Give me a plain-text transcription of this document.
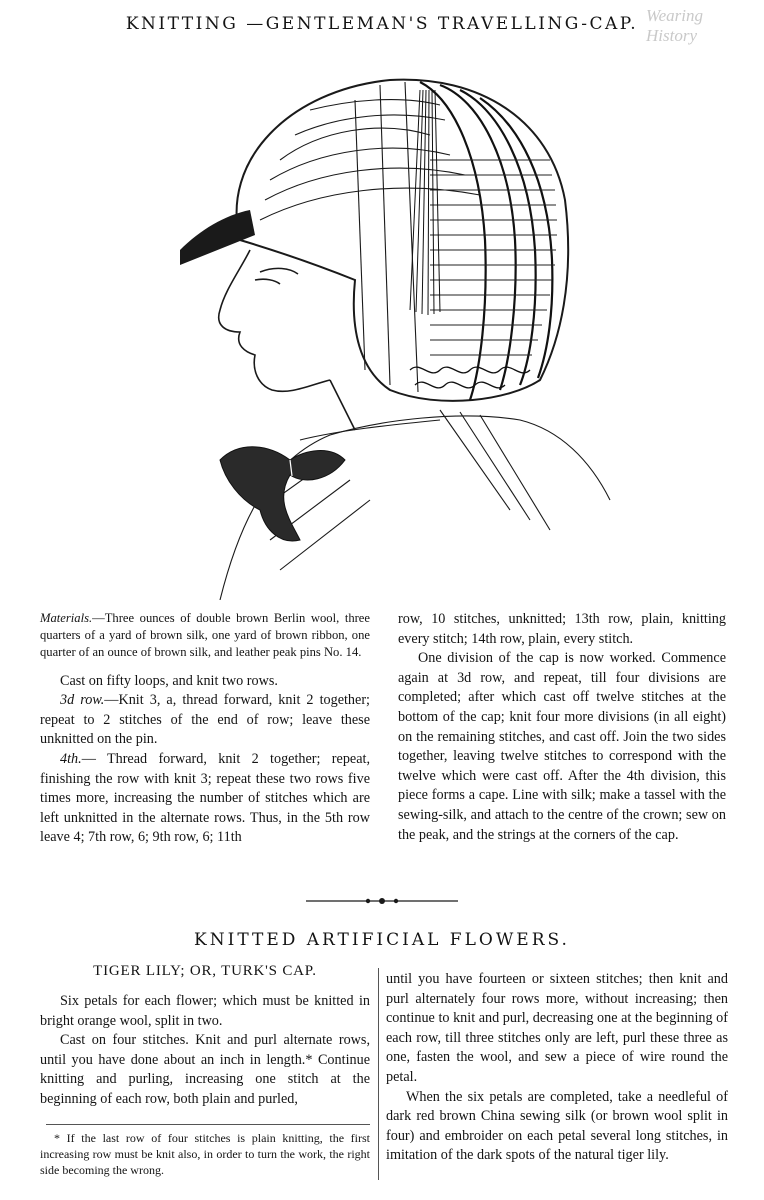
KNITTING —GENTLEMAN'S TRAVELLING-CAP. Wearing History

Materials.—Three ounces of double brown Berlin wool, three quarters of a yard of brown silk, one yard of brown ribbon, one quarter of an ounce of brown silk, and leather peak pins No. 14.

Cast on fifty loops, and knit two rows.

3d row.—Knit 3, a, thread forward, knit 2 together; repeat to 2 stitches of the end of row; leave these unknitted on the pin.

4th.— Thread forward, knit 2 together; repeat, finishing the row with knit 3; repeat these two rows five times more, increasing the number of stitches which are left unknitted in the alternate rows. Thus, in the 5th row leave 4; 7th row, 6; 9th row, 6; 11th

row, 10 stitches, unknitted; 13th row, plain, knitting every stitch; 14th row, plain, every stitch.

One division of the cap is now worked. Commence again at 3d row, and repeat, till four divisions are completed; after which cast off twelve stitches at the bottom of the cap; knit four more divisions (in all eight) on the remaining stitches, and cast off. Join the two sides together, leaving twelve stitches to correspond with the twelve which were cast off. After the 4th division, this piece forms a cape. Line with silk; make a tassel with the sewing-silk, and attach to the centre of the crown; sew on the peak, and the strings at the corners of the cap.

KNITTED ARTIFICIAL FLOWERS.
TIGER LILY; OR, TURK'S CAP.

Six petals for each flower; which must be knitted in bright orange wool, split in two.

Cast on four stitches. Knit and purl alternate rows, until you have done about an inch in length.* Continue knitting and purling, increasing one stitch at the beginning of each row, both plain and purled,

until you have fourteen or sixteen stitches; then knit and purl alternately four rows more, without increasing; then continue to knit and purl, decreasing one at the beginning of each row, till three stitches only are left, purl these three as one, fasten the wool, and sew a piece of wire round the petal.

When the six petals are completed, take a needleful of dark red brown China sewing silk (or brown wool split in four) and embroider on each petal several long stitches, in imitation of the dark spots of the natural tiger lily.

* If the last row of four stitches is plain knitting, the first increasing row must be knit also, in order to turn the work, the right side becoming the wrong.
